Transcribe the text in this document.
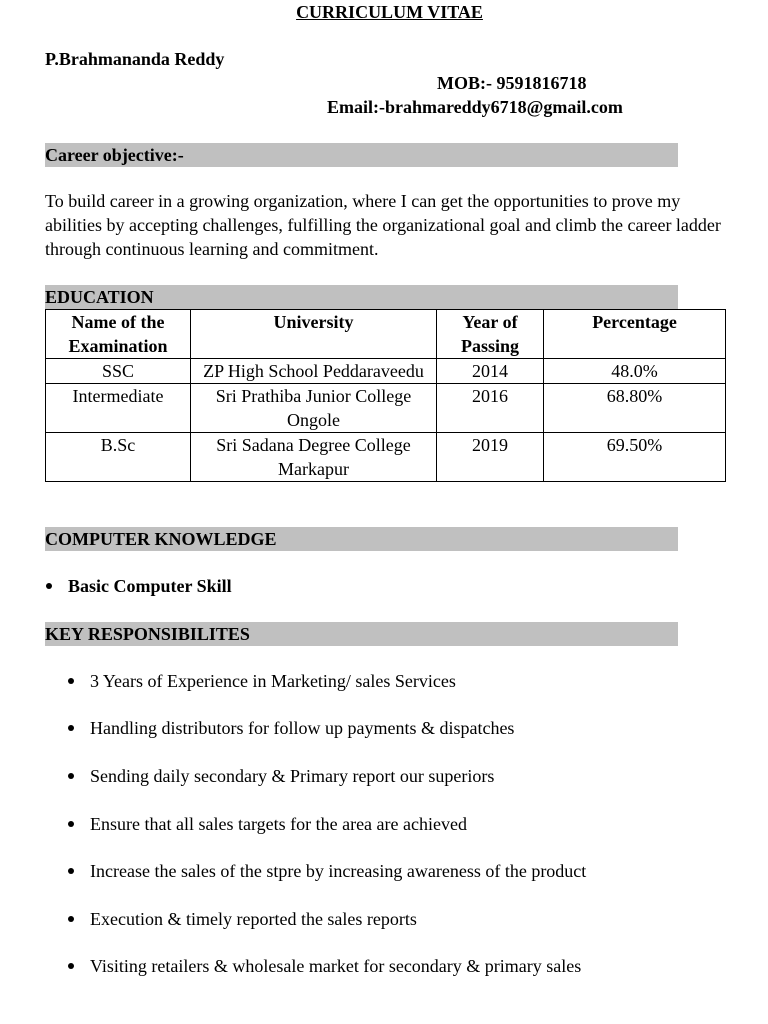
CURRICULUM VITAE
P.Brahmananda Reddy
MOB:- 9591816718
Email:-brahmareddy6718@gmail.com
Career objective:-
To build career in a growing organization, where I can get the opportunities to prove my abilities by accepting challenges, fulfilling the organizational goal and climb the career ladder through continuous learning and commitment.
EDUCATION
Name of the Examination	University	Year of Passing	Percentage
SSC	ZP High School Peddaraveedu	2014	48.0%
Intermediate	Sri Prathiba Junior College Ongole	2016	68.80%
B.Sc	Sri Sadana Degree College Markapur	2019	69.50%
COMPUTER KNOWLEDGE
Basic Computer Skill
KEY RESPONSIBILITES
3 Years of Experience in Marketing/ sales Services
Handling distributors for follow up payments & dispatches
Sending daily secondary & Primary report our superiors
Ensure that all sales targets for the area are achieved
Increase the sales of the stpre by increasing awareness of the product
Execution & timely reported the sales reports
Visiting retailers & wholesale market for secondary & primary sales
